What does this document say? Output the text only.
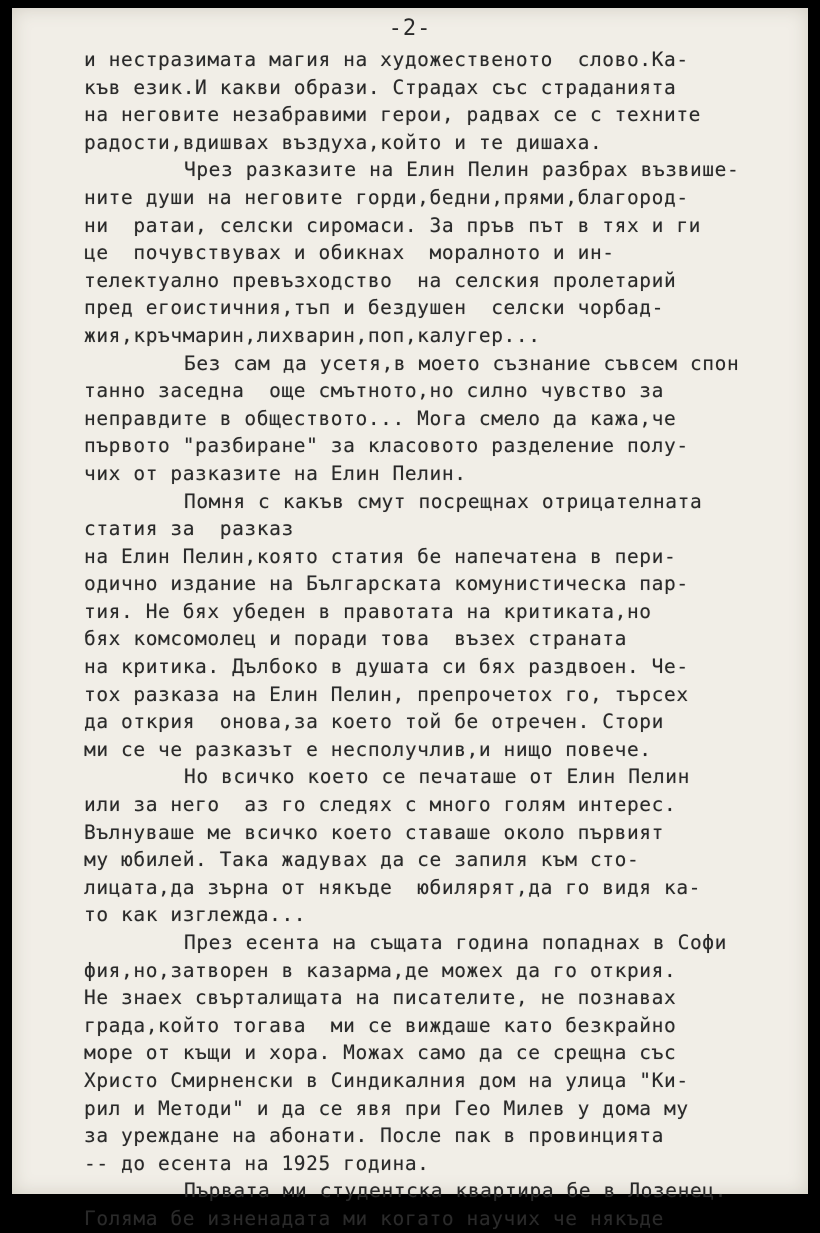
-2-
и нестразимата магия на художественото  слово.Ка-
къв език.И какви образи. Страдах със страданията
на неговите незабравими герои, радвах се с техните
радости,вдишвах въздуха,който и те дишаха.
Чрез разказите на Елин Пелин разбрах възвише-
ните души на неговите горди,бедни,прями,благород-
ни  ратаи, селски сиромаси. За пръв път в тях и ги
це  почувствувах и обикнах  моралното и ин-
телектуално превъзходство  на селския пролетарий
пред егоистичния,тъп и бездушен  селски чорбад-
жия,кръчмарин,лихварин,поп,калугер...
Без сам да усетя,в моето съзнание съвсем спон
танно заседна  още смътното,но силно чувство за
неправдите в обществото... Мога смело да кажа,че
първото "разбиране" за класовото разделение полу-
чих от разказите на Елин Пелин.
Помня с какъв смут посрещнах отрицателната
статия за  разказ
на Елин Пелин,която статия бе напечатена в пери-
одично издание на Българската комунистическа пар-
тия. Не бях убеден в правотата на критиката,но
бях комсомолец и поради това  възех страната
на критика. Дълбоко в душата си бях раздвоен. Че-
тох разказа на Елин Пелин, препрочетох го, търсех
да открия  онова,за което той бе отречен. Стори
ми се че разказът е несполучлив,и нищо повече.
Но всичко което се печаташе от Елин Пелин
или за него  аз го следях с много голям интерес.
Вълнуваше ме всичко което ставаше около първият
му юбилей. Така жадувах да се запиля към сто-
лицата,да зърна от някъде  юбилярят,да го видя ка-
то как изглежда...
През есента на същата година попаднах в Софи
фия,но,затворен в казарма,де можех да го открия.
Не знаех свърталищата на писателите, не познавах
града,който тогава  ми се виждаше като безкрайно
море от къщи и хора. Можах само да се срещна със
Христо Смирненски в Синдикалния дом на улица "Ки-
рил и Методи" и да се явя при Гео Милев у дома му
за уреждане на абонати. После пак в провинцията
-- до есента на 1925 година.
Първата ми студентска квартира бе в Лозенец.
Голяма бе изненадата ми когато научих че някъде
